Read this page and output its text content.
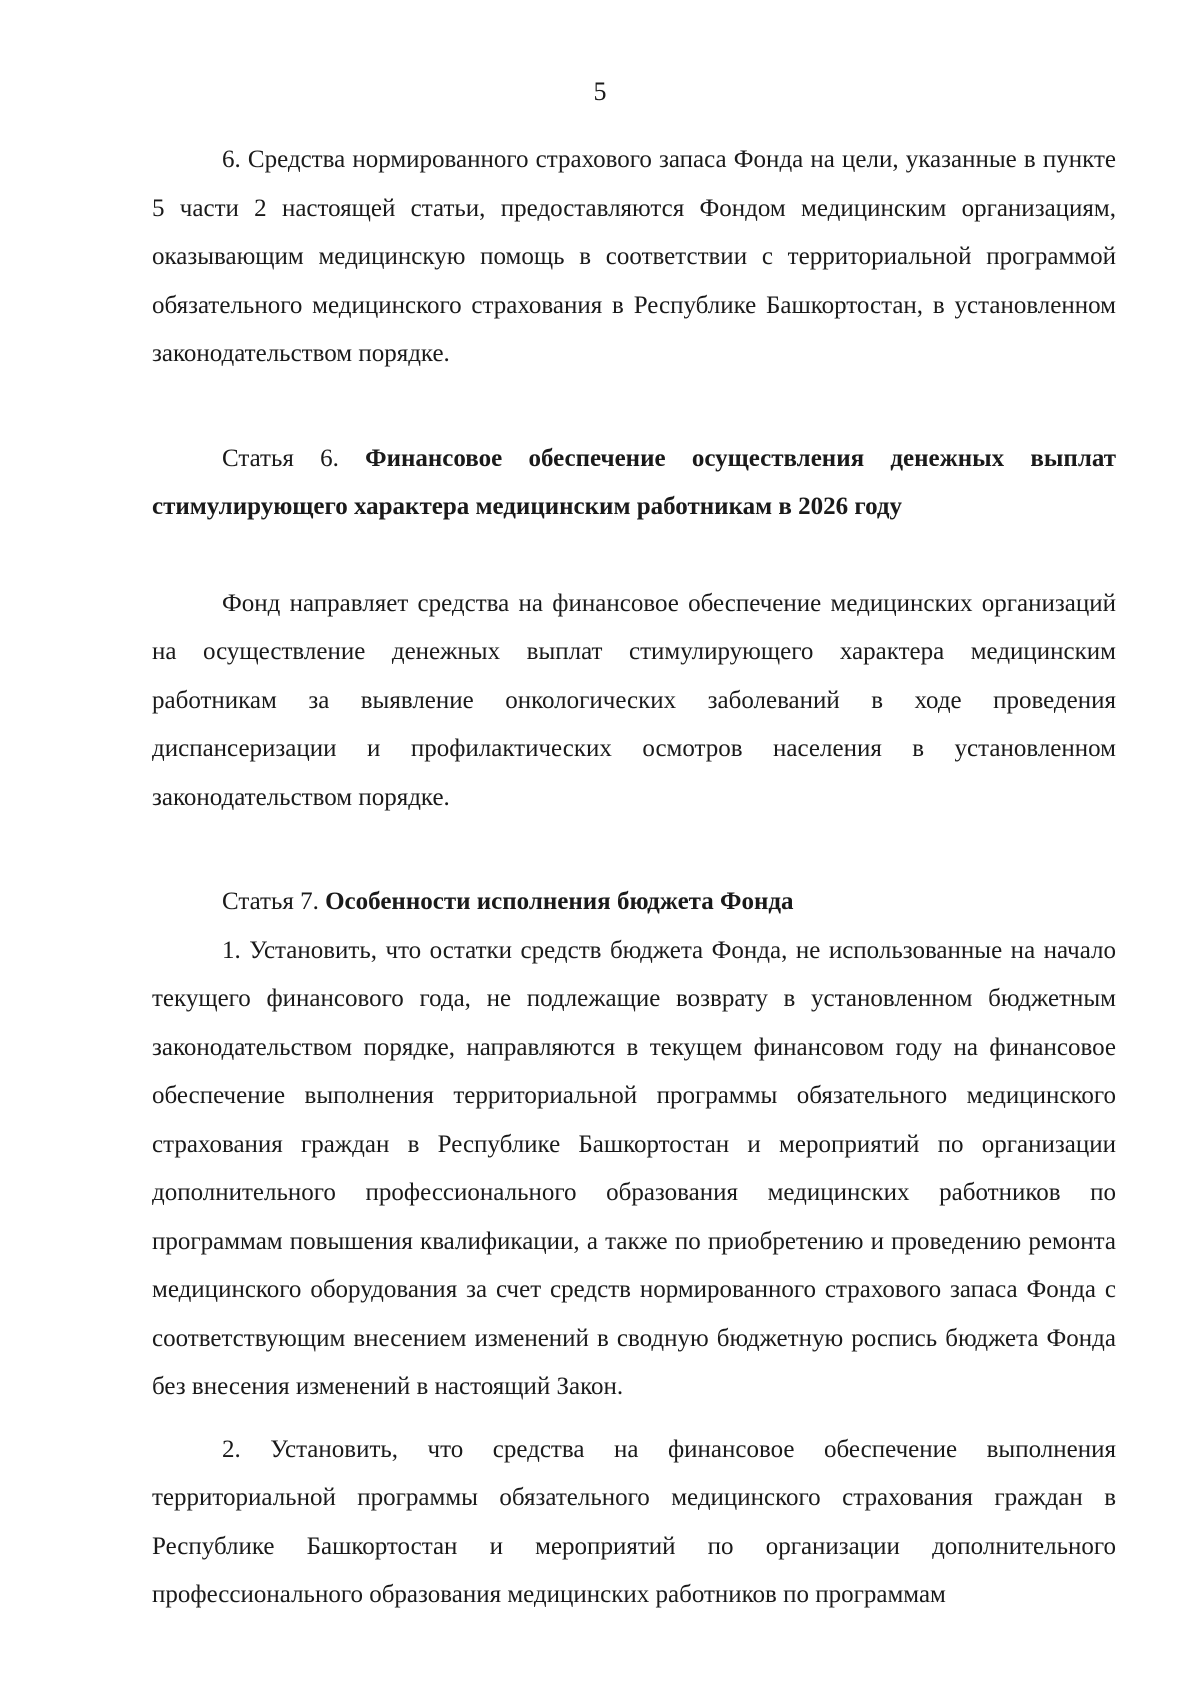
5

6. Средства нормированного страхового запаса Фонда на цели, указанные в пункте 5 части 2 настоящей статьи, предоставляются Фондом медицинским организациям, оказывающим медицинскую помощь в соответствии с территориальной программой обязательного медицинского страхования в Республике Башкортостан, в установленном законодательством порядке.

Статья 6. Финансовое обеспечение осуществления денежных выплат стимулирующего характера медицинским работникам в 2026 году

Фонд направляет средства на финансовое обеспечение медицинских организаций на осуществление денежных выплат стимулирующего характера медицинским работникам за выявление онкологических заболеваний в ходе проведения диспансеризации и профилактических осмотров населения в установленном законодательством порядке.

Статья 7. Особенности исполнения бюджета Фонда

1. Установить, что остатки средств бюджета Фонда, не использованные на начало текущего финансового года, не подлежащие возврату в установленном бюджетным законодательством порядке, направляются в текущем финансовом году на финансовое обеспечение выполнения территориальной программы обязательного медицинского страхования граждан в Республике Башкортостан и мероприятий по организации дополнительного профессионального образования медицинских работников по программам повышения квалификации, а также по приобретению и проведению ремонта медицинского оборудования за счет средств нормированного страхового запаса Фонда с соответствующим внесением изменений в сводную бюджетную роспись бюджета Фонда без внесения изменений в настоящий Закон.

2. Установить, что средства на финансовое обеспечение выполнения территориальной программы обязательного медицинского страхования граждан в Республике Башкортостан и мероприятий по организации дополнительного профессионального образования медицинских работников по программам
